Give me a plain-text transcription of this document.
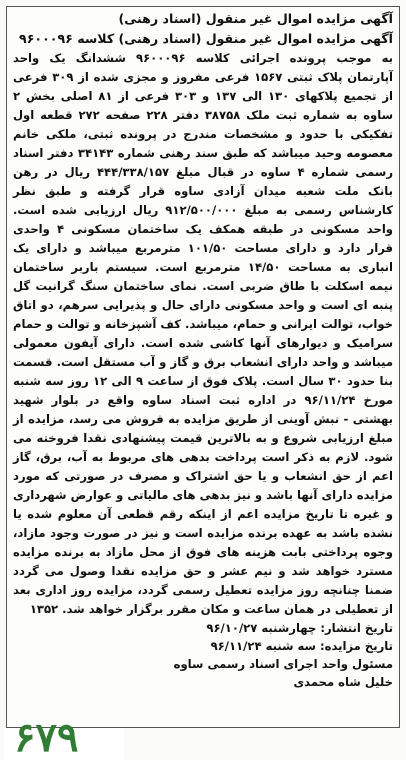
آگهی مزایده اموال غیر منقول (اسناد رهنی)

آگهی مزایده اموال غیر منقول (اسناد رهنی) کلاسه ۹۶۰۰۰۹۶

به موجب پرونده اجرائی کلاسه ۹۶۰۰۰۹۶ ششدانگ یک واحد آپارتمان پلاک ثبتی ۱۵۶۷ فرعی مفروز و مجزی شده از ۳۰۹ فرعی از تجمیع پلاکهای ۱۳۰ الی ۱۳۷ و ۳۰۳ فرعی از ۸۱ اصلی بخش ۲ ساوه به شماره ثبت ملک ۳۸۷۵۸ دفتر ۲۲۸ صفحه ۲۷۲ قطعه اول تفکیکی با حدود و مشخصات مندرج در پرونده ثبتی، ملکی خانم معصومه وحید میباشد که طبق سند رهنی شماره ۳۴۱۴۳ دفتر اسناد رسمی شماره ۴ ساوه در قبال مبلغ ۴۴۴/۳۳۸/۱۵۷ ریال در رهن بانک ملت شعبه میدان آزادی ساوه قرار گرفته و طبق نظر کارشناس رسمی به مبلغ ۹۱۲/۵۰۰/۰۰۰ ریال ارزیابی شده است. واحد مسکونی در طبقه همکف یک ساختمان مسکونی ۴ واحدی قرار دارد و دارای مساحت ۱۰۱/۵۰ مترمربع میباشد و دارای یک انباری به مساحت ۱۴/۵۰ مترمربع است. سیستم باربر ساختمان نیمه اسکلت با طاق ضربی است. نمای ساختمان سنگ گرانیت گل پنبه ای است و واحد مسکونی دارای حال و پذیرایی سرهم، دو اتاق خواب، توالت ایرانی و حمام، میباشد. کف آشپزخانه و توالت و حمام سرامیک و دیوارهای آنها کاشی شده است. دارای آیفون معمولی میباشد و واحد دارای انشعاب برق و گاز و آب مستقل است. قسمت بنا حدود ۳۰ سال است. پلاک فوق از ساعت ۹ الی ۱۲ روز سه شنبه مورخ ۹۶/۱۱/۲۴ در اداره ثبت اسناد ساوه واقع در بلوار شهید بهشتی - نبش آوینی از طریق مزایده به فروش می رسد، مزایده از مبلغ ارزیابی شروع و به بالاترین قیمت پیشنهادی نقدا فروخته می شود. لازم به ذکر است پرداخت بدهی های مربوط به آب، برق، گاز اعم از حق انشعاب و یا حق اشتراک و مصرف در صورتی که مورد مزایده دارای آنها باشد و نیز بدهی های مالیاتی و عوارض شهرداری و غیره تا تاریخ مزایده اعم از اینکه رقم قطعی آن معلوم شده یا نشده باشد به عهده برنده مزایده است و نیز در صورت وجود مازاد، وجوه پرداختی بابت هزینه های فوق از محل مازاد به برنده مزایده مسترد خواهد شد و نیم عشر و حق مزایده نقدا وصول می گردد ضمنا چنانچه روز مزایده تعطیل رسمی گردد، مزایده روز اداری بعد از تعطیلی در همان ساعت و مکان مقرر برگزار خواهد شد. ۱۳۵۲

تاریخ انتشار: چهارشنبه ۹۶/۱۰/۲۷

تاریخ مزایده: سه شنبه ۹۶/۱۱/۲۴

مسئول واحد اجرای اسناد رسمی ساوه

خلیل شاه محمدی

۶۷۹
